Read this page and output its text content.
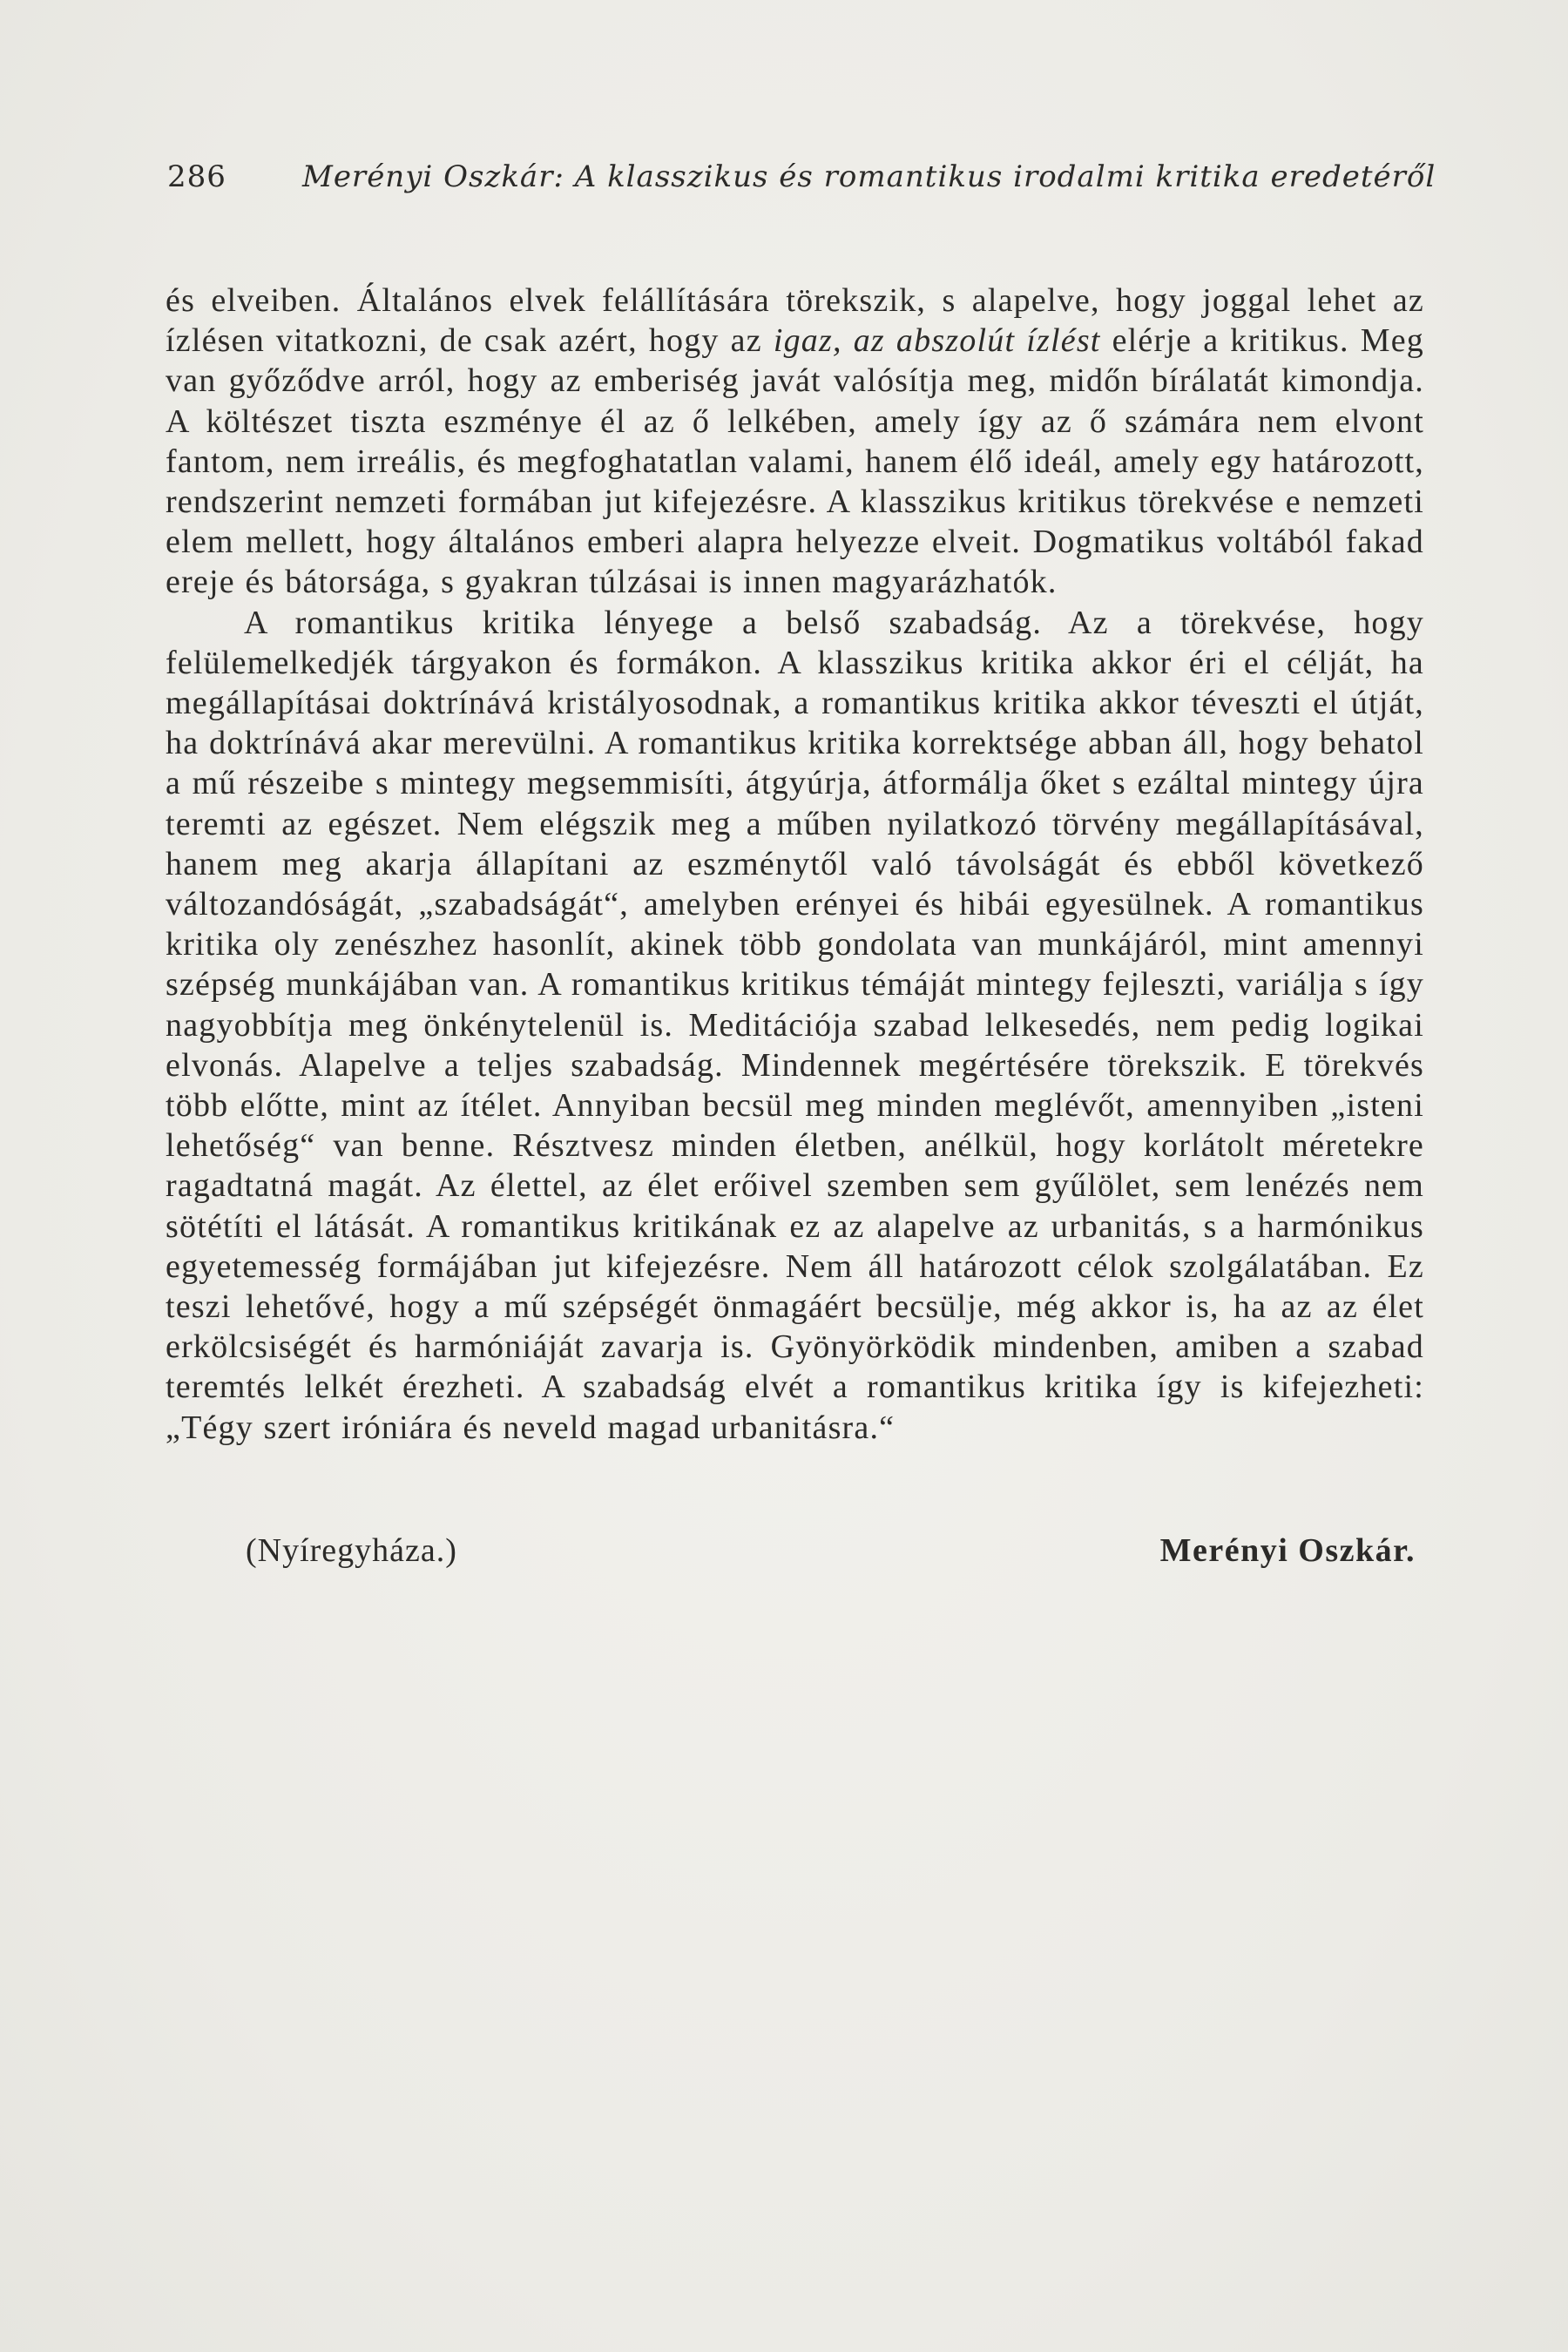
286	Merényi Oszkár: A klasszikus és romantikus irodalmi kritika eredetéről

és elveiben. Általános elvek felállítására törekszik, s alapelve, hogy joggal lehet az ízlésen vitatkozni, de csak azért, hogy az igaz, az abszolút ízlést elérje a kritikus. Meg van győződve arról, hogy az emberiség javát valósítja meg, midőn bírálatát kimondja. A költészet tiszta eszménye él az ő lelkében, amely így az ő számára nem elvont fantom, nem irreális, és megfoghatatlan valami, hanem élő ideál, amely egy határozott, rendszerint nemzeti formában jut kifejezésre. A klasszikus kritikus törekvése e nemzeti elem mellett, hogy általános emberi alapra helyezze elveit. Dogmatikus voltából fakad ereje és bátorsága, s gyakran túlzásai is innen magyarázhatók.

A romantikus kritika lényege a belső szabadság. Az a törekvése, hogy felülemelkedjék tárgyakon és formákon. A klasszikus kritika akkor éri el célját, ha megállapításai doktrínává kristályosodnak, a romantikus kritika akkor téveszti el útját, ha doktrínává akar merevülni. A romantikus kritika korrektsége abban áll, hogy behatol a mű részeibe s mintegy megsemmisíti, átgyúrja, átformálja őket s ezáltal mintegy újra teremti az egészet. Nem elégszik meg a műben nyilatkozó törvény megállapításával, hanem meg akarja állapítani az eszménytől való távolságát és ebből következő változandóságát, „szabadságát“, amelyben erényei és hibái egyesülnek. A romantikus kritika oly zenészhez hasonlít, akinek több gondolata van munkájáról, mint amennyi szépség munkájában van. A romantikus kritikus témáját mintegy fejleszti, variálja s így nagyobbítja meg önkénytelenül is. Meditációja szabad lelkesedés, nem pedig logikai elvonás. Alapelve a teljes szabadság. Mindennek megértésére törekszik. E törekvés több előtte, mint az ítélet. Annyiban becsül meg minden meglévőt, amennyiben „isteni lehetőség“ van benne. Résztvesz minden életben, anélkül, hogy korlátolt méretekre ragadtatná magát. Az élettel, az élet erőivel szemben sem gyűlölet, sem lenézés nem sötétíti el látását. A romantikus kritikának ez az alapelve az urbanitás, s a harmónikus egyetemesség formájában jut kifejezésre. Nem áll határozott célok szolgálatában. Ez teszi lehetővé, hogy a mű szépségét önmagáért becsülje, még akkor is, ha az az élet erkölcsiségét és harmóniáját zavarja is. Gyönyörködik mindenben, amiben a szabad teremtés lelkét érezheti. A szabadság elvét a romantikus kritika így is kifejezheti: „Tégy szert iróniára és neveld magad urbanitásra.“

(Nyíregyháza.)	Merényi Oszkár.
